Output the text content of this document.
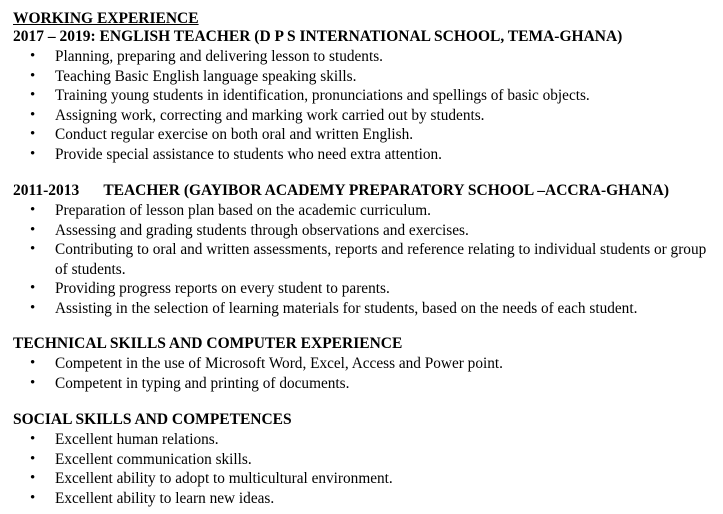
WORKING EXPERIENCE
2017 – 2019: ENGLISH TEACHER (D P S INTERNATIONAL SCHOOL, TEMA-GHANA)
• Planning, preparing and delivering lesson to students.
• Teaching Basic English language speaking skills.
• Training young students in identification, pronunciations and spellings of basic objects.
• Assigning work, correcting and marking work carried out by students.
• Conduct regular exercise on both oral and written English.
• Provide special assistance to students who need extra attention.
2011-2013 TEACHER (GAYIBOR ACADEMY PREPARATORY SCHOOL –ACCRA-GHANA)
• Preparation of lesson plan based on the academic curriculum.
• Assessing and grading students through observations and exercises.
• Contributing to oral and written assessments, reports and reference relating to individual students or group of students.
• Providing progress reports on every student to parents.
• Assisting in the selection of learning materials for students, based on the needs of each student.
TECHNICAL SKILLS AND COMPUTER EXPERIENCE
• Competent in the use of Microsoft Word, Excel, Access and Power point.
• Competent in typing and printing of documents.
SOCIAL SKILLS AND COMPETENCES
• Excellent human relations.
• Excellent communication skills.
• Excellent ability to adopt to multicultural environment.
• Excellent ability to learn new ideas.
